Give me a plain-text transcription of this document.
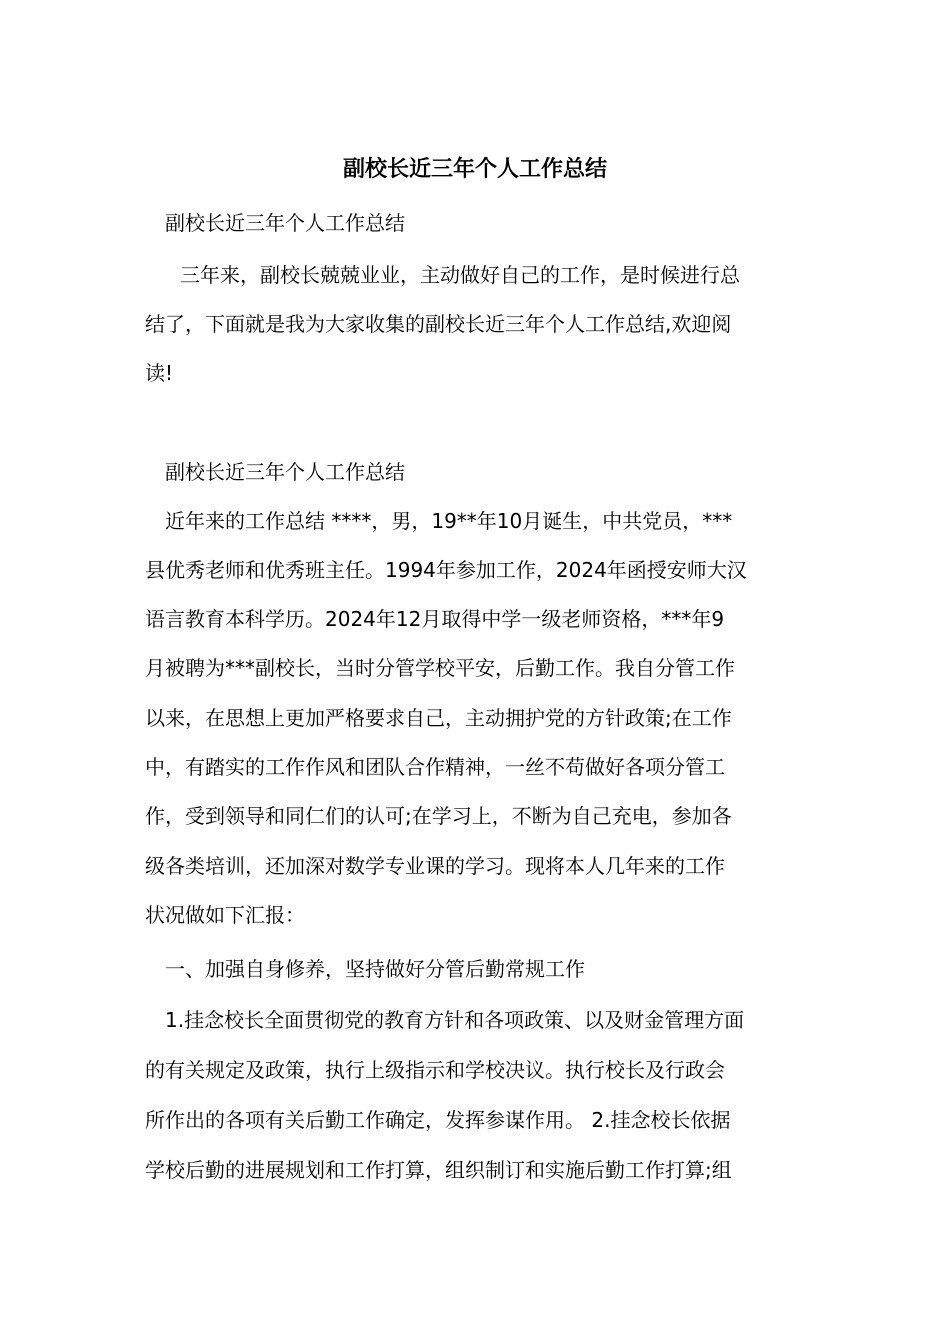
副校长近三年个人工作总结

副校长近三年个人工作总结

三年来，副校长兢兢业业，主动做好自己的工作，是时候进行总

结了，下面就是我为大家收集的副校长近三年个人工作总结,欢迎阅

读!

副校长近三年个人工作总结

近年来的工作总结 ****，男，19**年10月诞生，中共党员，***

县优秀老师和优秀班主任。1994年参加工作，2024年函授安师大汉

语言教育本科学历。2024年12月取得中学一级老师资格，***年9

月被聘为***副校长，当时分管学校平安，后勤工作。我自分管工作

以来，在思想上更加严格要求自己，主动拥护党的方针政策;在工作

中，有踏实的工作作风和团队合作精神，一丝不苟做好各项分管工

作，受到领导和同仁们的认可;在学习上，不断为自己充电，参加各

级各类培训，还加深对数学专业课的学习。现将本人几年来的工作

状况做如下汇报：

一、加强自身修养，坚持做好分管后勤常规工作

1.挂念校长全面贯彻党的教育方针和各项政策、以及财金管理方面

的有关规定及政策，执行上级指示和学校决议。执行校长及行政会

所作出的各项有关后勤工作确定，发挥参谋作用。 2.挂念校长依据

学校后勤的进展规划和工作打算，组织制订和实施后勤工作打算;组
